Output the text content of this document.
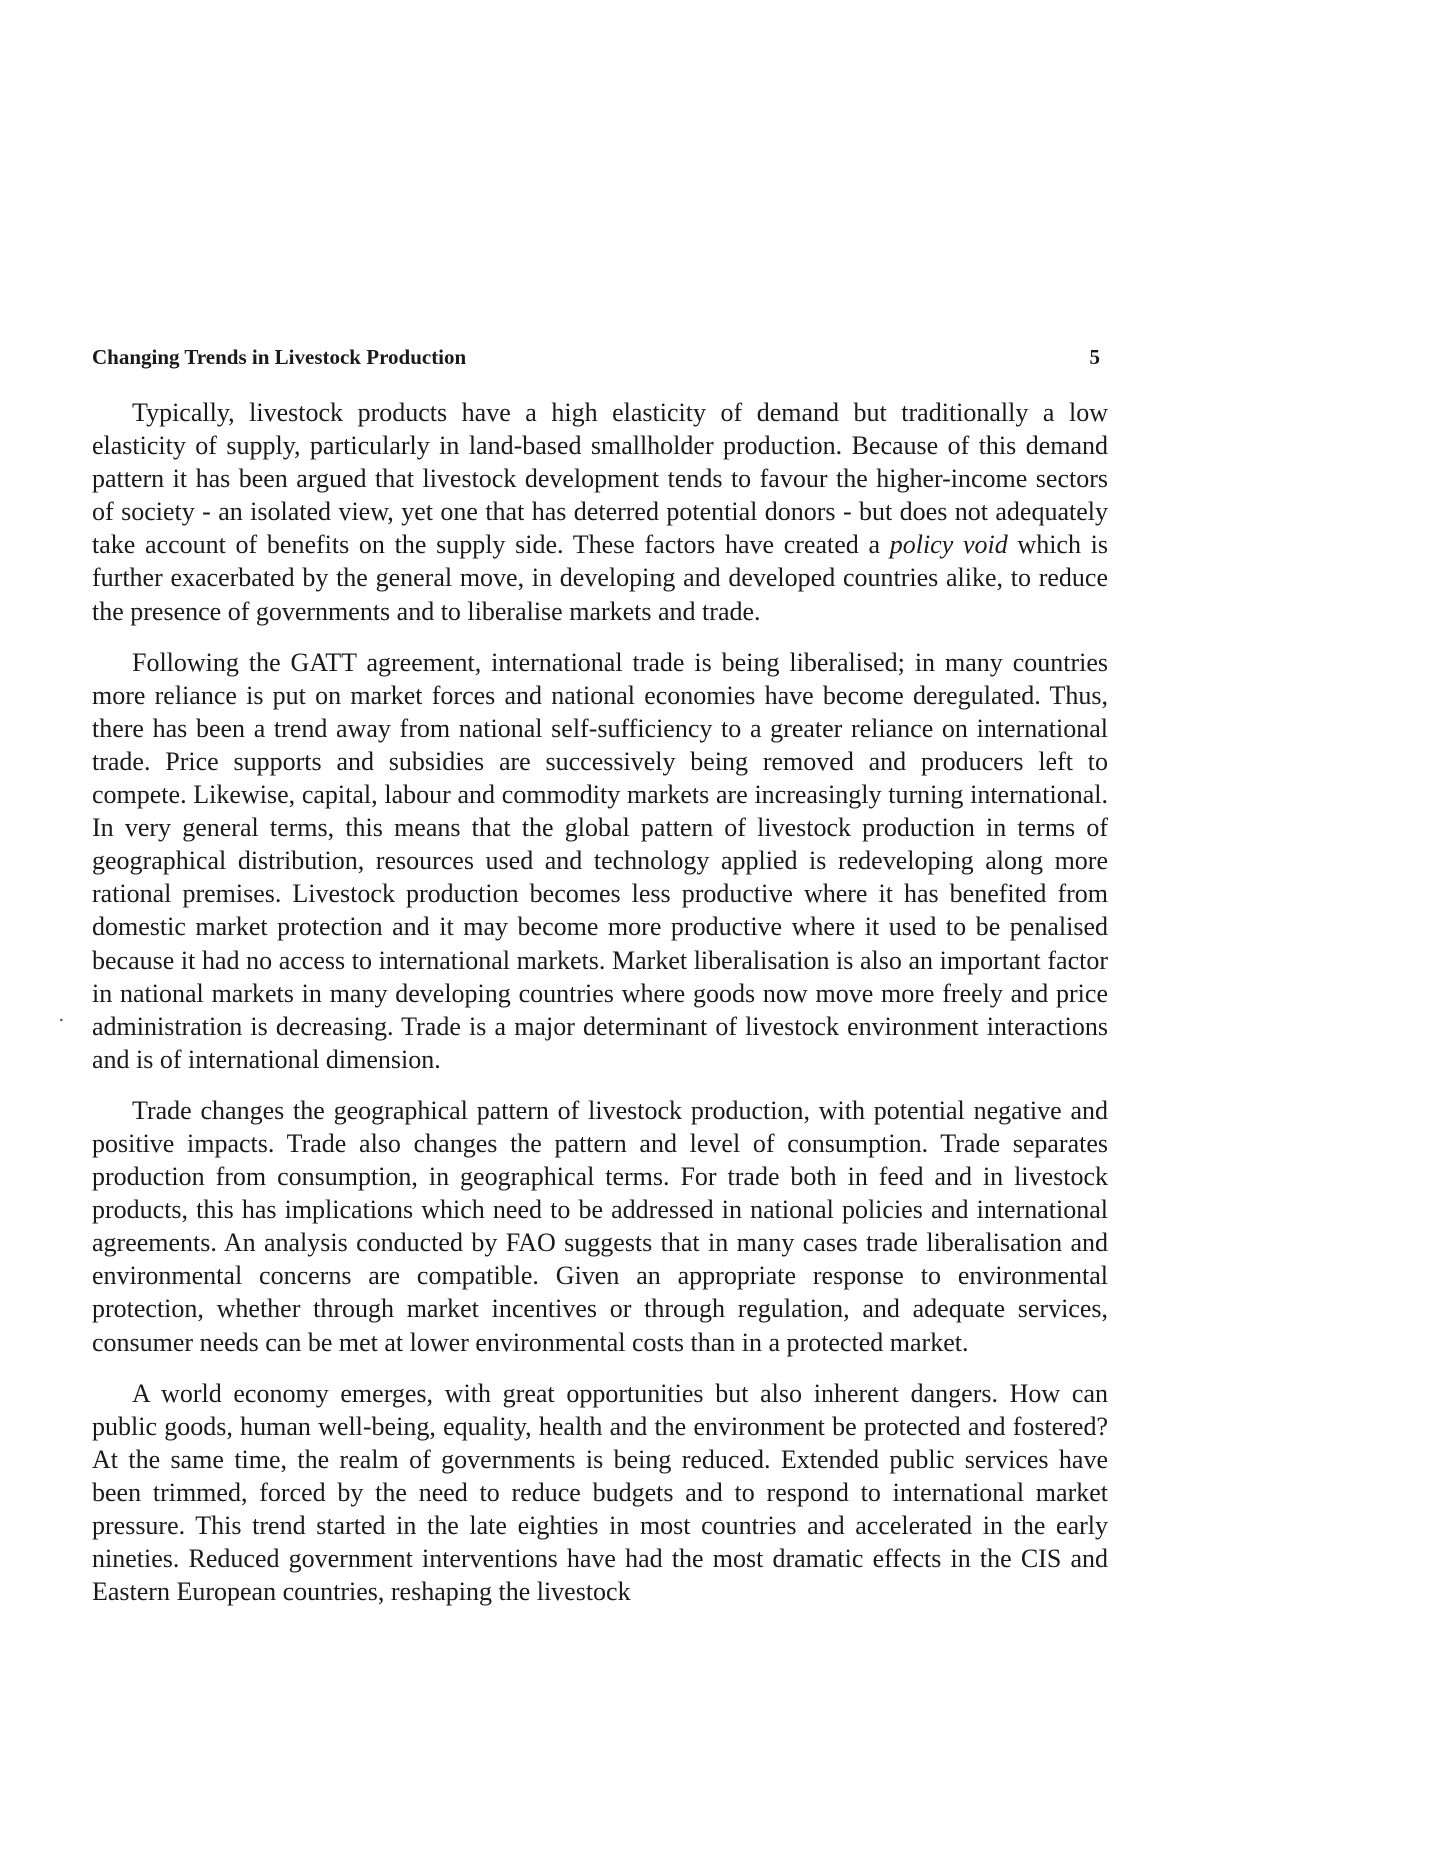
Changing Trends in Livestock Production	5

Typically, livestock products have a high elasticity of demand but traditionally a low elasticity of supply, particularly in land-based smallholder production. Because of this demand pattern it has been argued that livestock development tends to favour the higher-income sectors of society - an isolated view, yet one that has deterred potential donors - but does not adequately take account of benefits on the supply side. These factors have created a policy void which is further exacerbated by the general move, in developing and developed countries alike, to reduce the presence of governments and to liberalise markets and trade.

Following the GATT agreement, international trade is being liberalised; in many countries more reliance is put on market forces and national economies have become deregulated. Thus, there has been a trend away from national self-sufficiency to a greater reliance on international trade. Price supports and subsidies are successively being removed and producers left to compete. Likewise, capital, labour and commodity markets are increasingly turning international. In very general terms, this means that the global pattern of livestock production in terms of geographical distribution, resources used and technology applied is redeveloping along more rational premises. Livestock production becomes less productive where it has benefited from domestic market protection and it may become more productive where it used to be penalised because it had no access to international markets. Market liberalisation is also an important factor in national markets in many developing countries where goods now move more freely and price administration is decreasing. Trade is a major determinant of livestock environment interactions and is of international dimension.

Trade changes the geographical pattern of livestock production, with potential negative and positive impacts. Trade also changes the pattern and level of consumption. Trade separates production from consumption, in geographical terms. For trade both in feed and in livestock products, this has implications which need to be addressed in national policies and international agreements. An analysis conducted by FAO suggests that in many cases trade liberalisation and environmental concerns are compatible. Given an appropriate response to environmental protection, whether through market incentives or through regulation, and adequate services, consumer needs can be met at lower environmental costs than in a protected market.

A world economy emerges, with great opportunities but also inherent dangers. How can public goods, human well-being, equality, health and the environment be protected and fostered? At the same time, the realm of governments is being reduced. Extended public services have been trimmed, forced by the need to reduce budgets and to respond to international market pressure. This trend started in the late eighties in most countries and accelerated in the early nineties. Reduced government interventions have had the most dramatic effects in the CIS and Eastern European countries, reshaping the livestock

․
